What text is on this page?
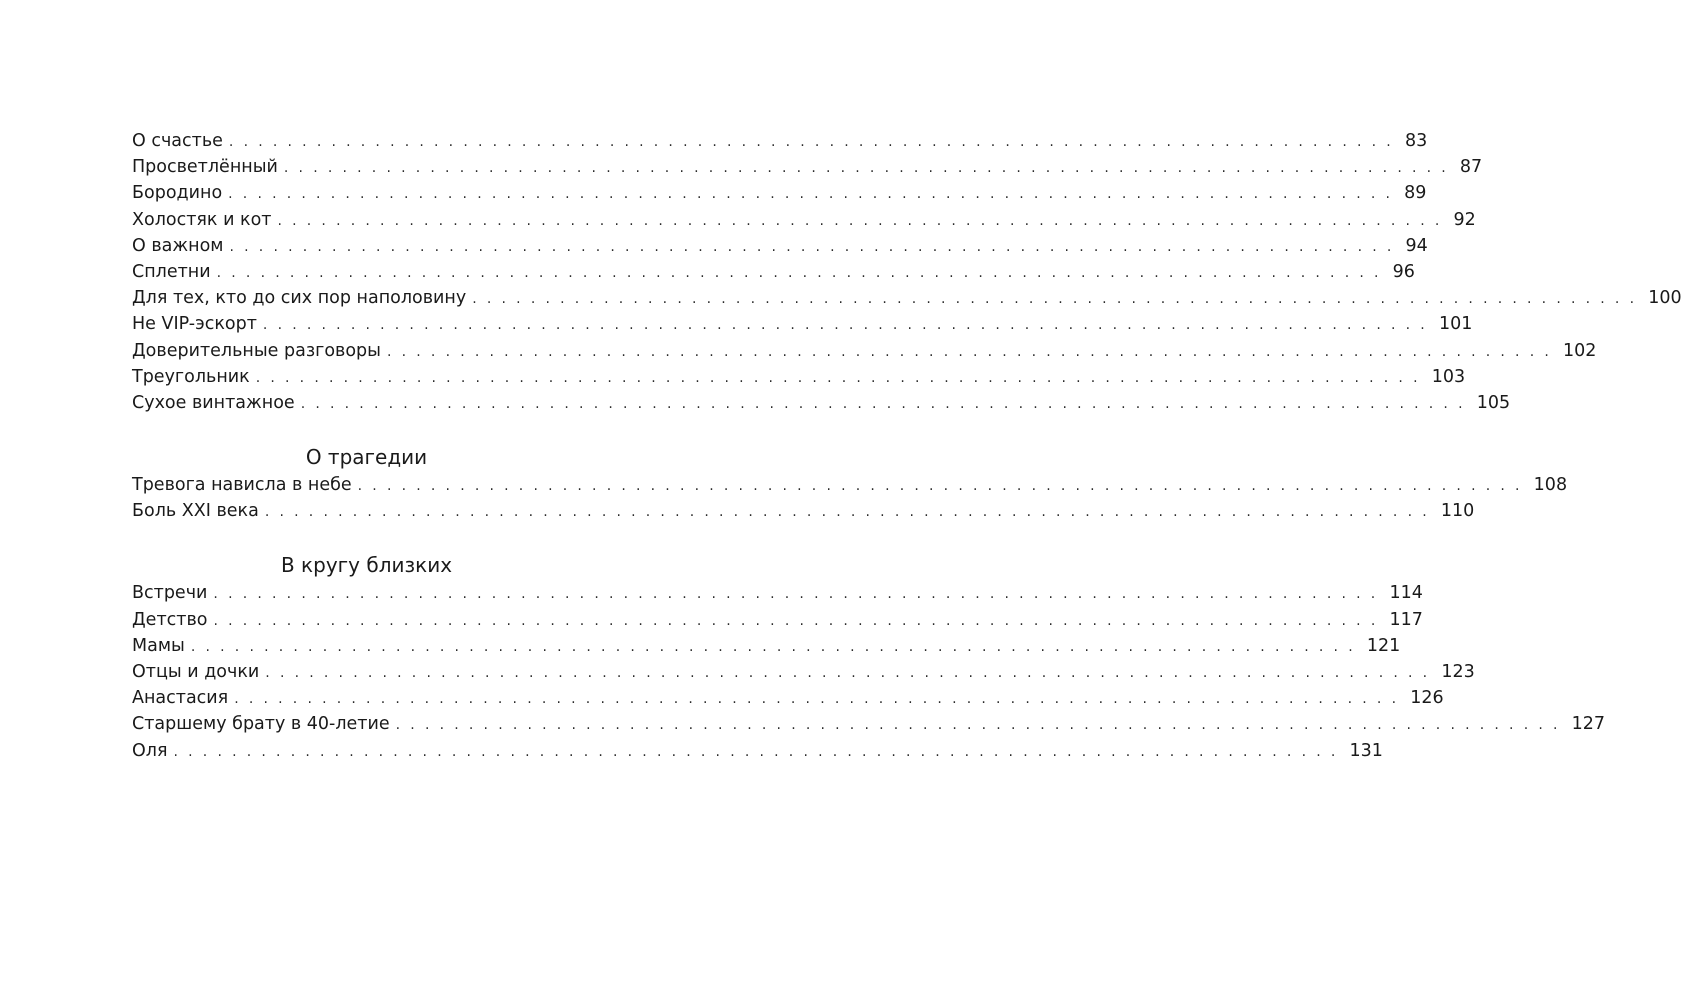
О счастье ................................................................................ 83
Просветлённый ................................................................................ 87
Бородино ................................................................................ 89
Холостяк и кот ................................................................................ 92
О важном ................................................................................ 94
Сплетни ................................................................................ 96
Для тех, кто до сих пор наполовину ................................................................................ 100
Не VIP-эскорт ................................................................................ 101
Доверительные разговоры ................................................................................ 102
Треугольник ................................................................................ 103
Сухое винтажное ................................................................................ 105
О трагедии
Тревога нависла в небе ................................................................................ 108
Боль XXI века ................................................................................ 110
В кругу близких
Встречи ................................................................................ 114
Детство ................................................................................ 117
Мамы ................................................................................ 121
Отцы и дочки ................................................................................ 123
Анастасия ................................................................................ 126
Старшему брату в 40-летие ................................................................................ 127
Оля ................................................................................ 131
